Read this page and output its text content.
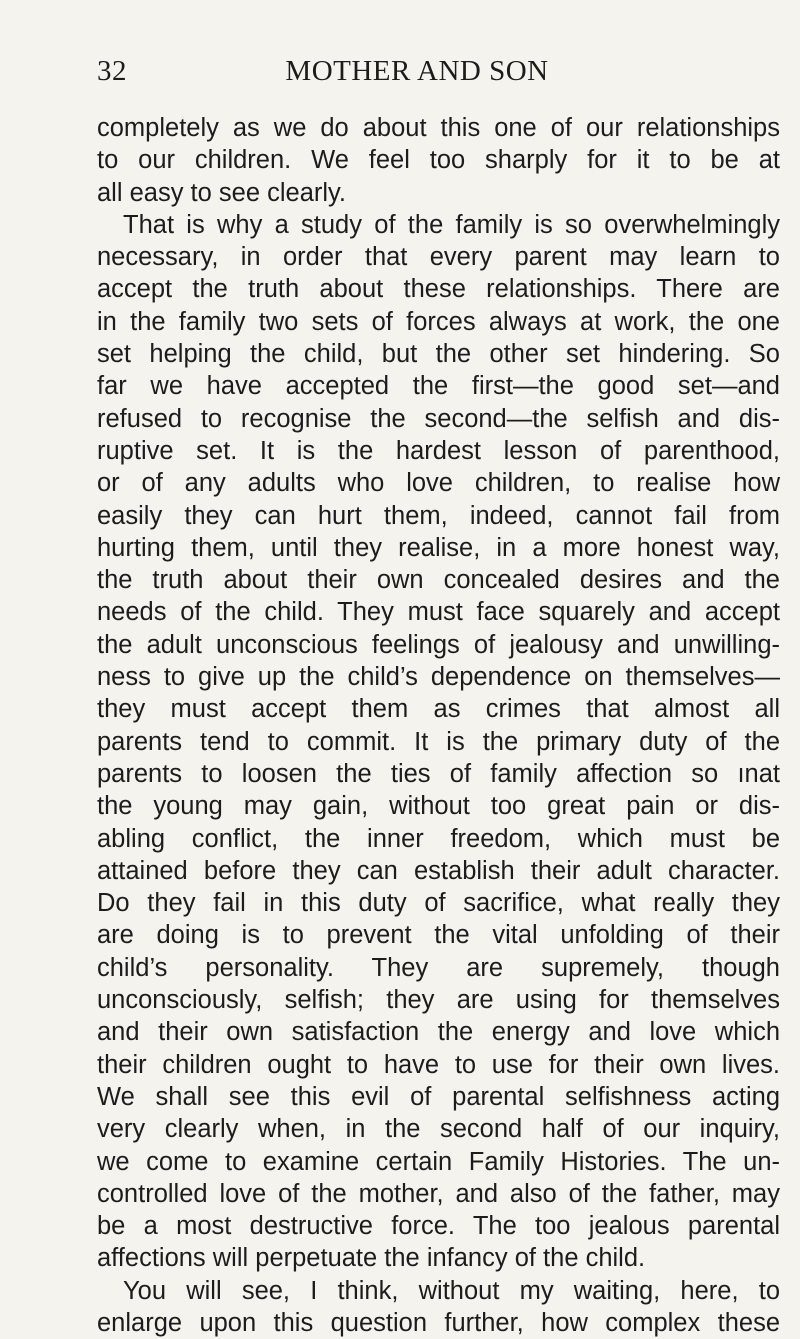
32	MOTHER AND SON
completely as we do about this one of our relationships
to our children. We feel too sharply for it to be at
all easy to see clearly.
That is why a study of the family is so overwhelmingly
necessary, in order that every parent may learn to
accept the truth about these relationships. There are
in the family two sets of forces always at work, the one
set helping the child, but the other set hindering. So
far we have accepted the first—the good set—and
refused to recognise the second—the selfish and dis-
ruptive set. It is the hardest lesson of parenthood,
or of any adults who love children, to realise how
easily they can hurt them, indeed, cannot fail from
hurting them, until they realise, in a more honest way,
the truth about their own concealed desires and the
needs of the child. They must face squarely and accept
the adult unconscious feelings of jealousy and unwilling-
ness to give up the child’s dependence on themselves—
they must accept them as crimes that almost all
parents tend to commit. It is the primary duty of the
parents to loosen the ties of family affection so ınat
the young may gain, without too great pain or dis-
abling conflict, the inner freedom, which must be
attained before they can establish their adult character.
Do they fail in this duty of sacrifice, what really they
are doing is to prevent the vital unfolding of their
child’s personality. They are supremely, though
unconsciously, selfish; they are using for themselves
and their own satisfaction the energy and love which
their children ought to have to use for their own lives.
We shall see this evil of parental selfishness acting
very clearly when, in the second half of our inquiry,
we come to examine certain Family Histories. The un-
controlled love of the mother, and also of the father, may
be a most destructive force. The too jealous parental
affections will perpetuate the infancy of the child.
You will see, I think, without my waiting, here, to
enlarge upon this question further, how complex these
